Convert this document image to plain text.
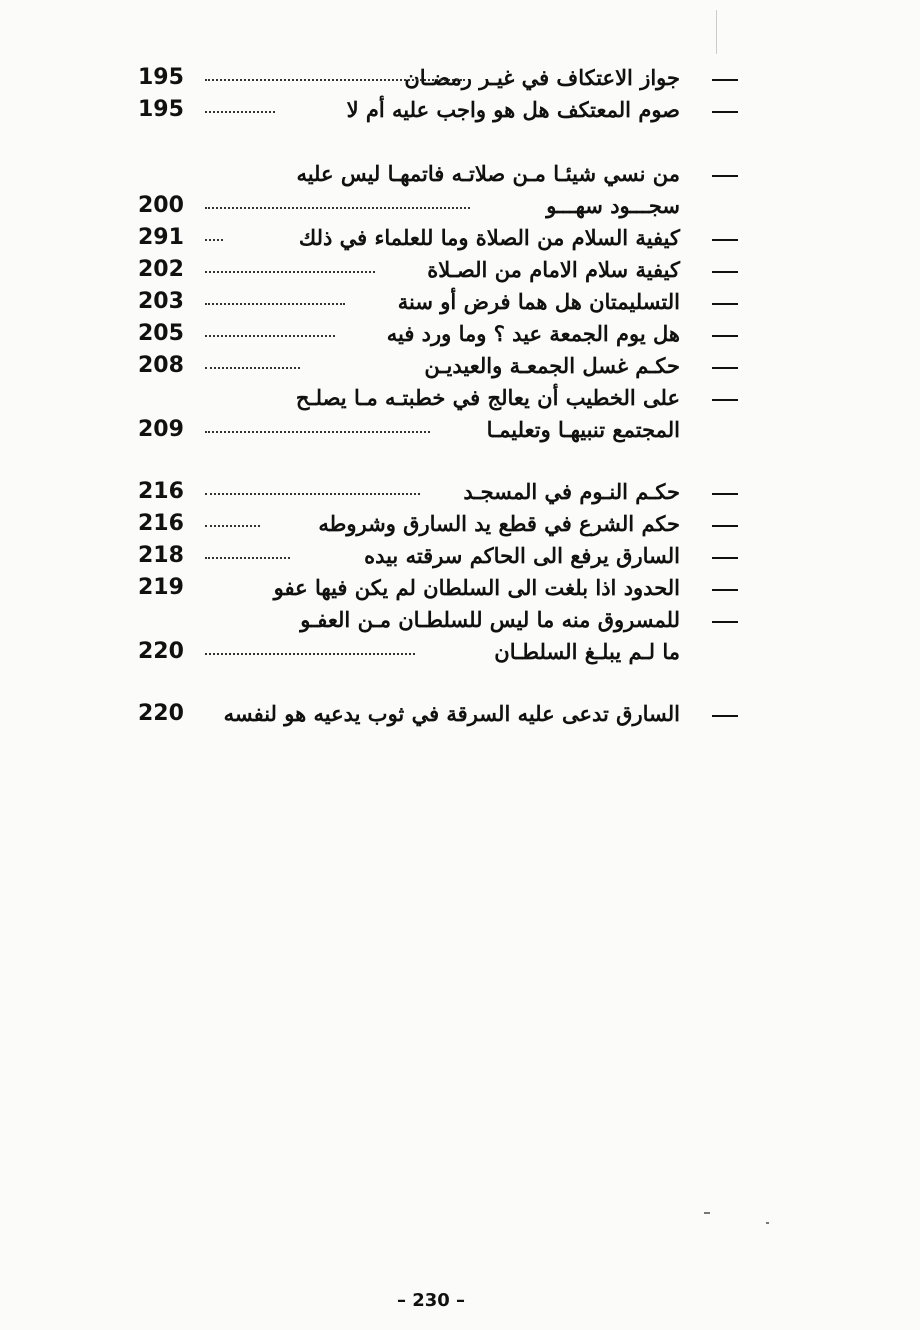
جواز الاعتكاف في غيـر رمضـان
195
صوم المعتكف هل هو واجب عليه أم لا
195
من نسي شيئـا مـن صلاتـه فاتمهـا ليس عليه
سجـــود سهـــو
200
كيفية السلام من الصلاة وما للعلماء في ذلك
291
كيفية سلام الامام من الصـلاة
202
التسليمتان هل هما فرض أو سنة
203
هل يوم الجمعة عيد ؟ وما ورد فيه
205
حكـم غسل الجمعـة والعيديـن
208
على الخطيب أن يعالج في خطبتـه مـا يصلـح
المجتمع تنبيهـا وتعليمـا
209
حكـم النـوم في المسجـد
216
حكم الشرع في قطع يد السارق وشروطه
216
السارق يرفع الى الحاكم سرقته بيده
218
الحدود اذا بلغت الى السلطان لم يكن فيها عفو
219
للمسروق منه ما ليس للسلطـان مـن العفـو
ما لـم يبلـغ السلطـان
220
السارق تدعى عليه السرقة في ثوب يدعيه هو لنفسه
220
– 230 –
